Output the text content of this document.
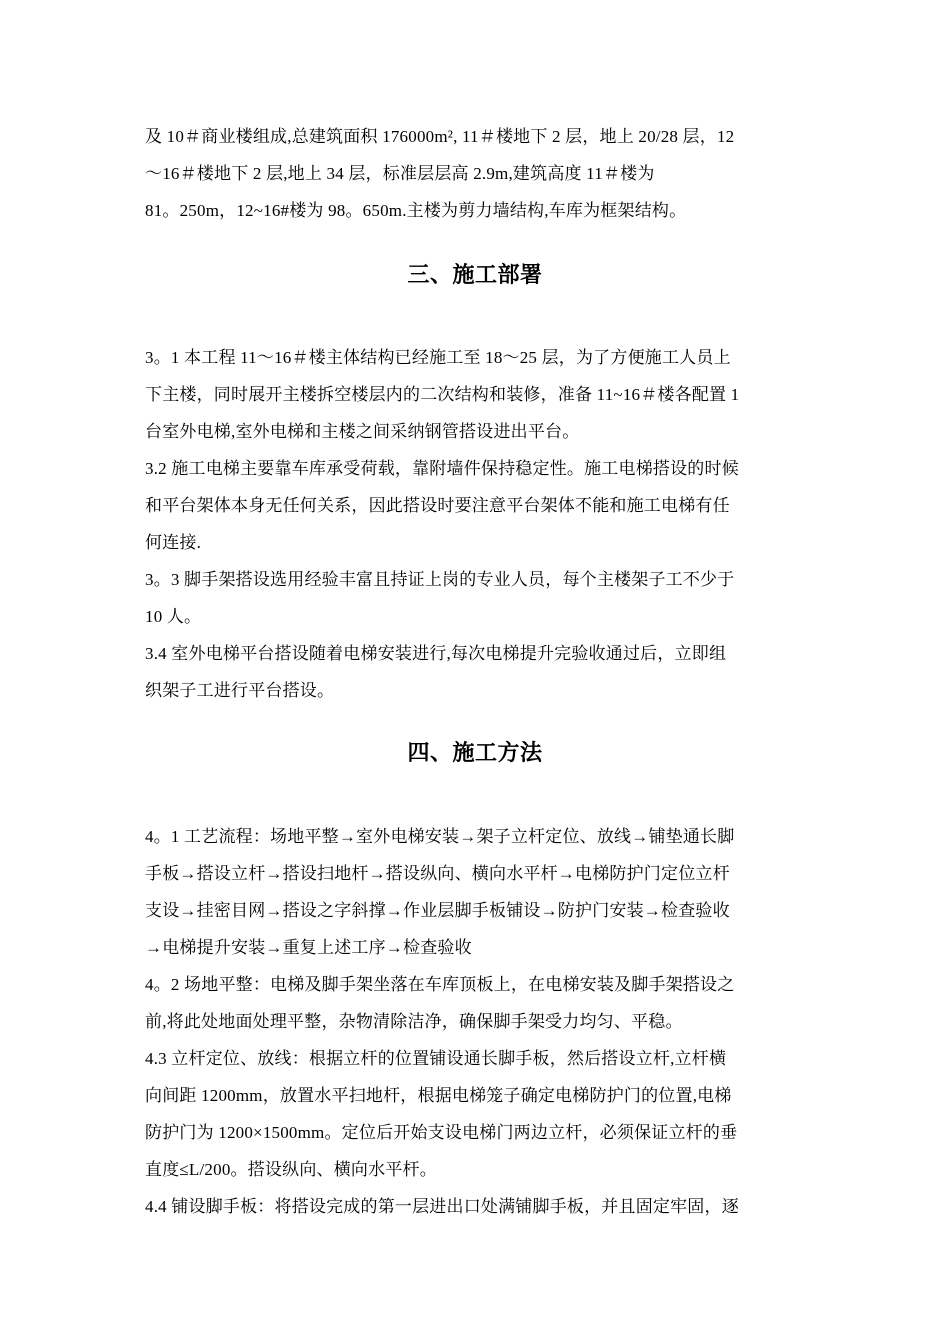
及 10＃商业楼组成,总建筑面积 176000m², 11＃楼地下 2 层，地上 20/28 层，12
～16＃楼地下 2 层,地上 34 层，标准层层高 2.9m,建筑高度 11＃楼为
81。250m，12~16#楼为 98。650m.主楼为剪力墙结构,车库为框架结构。

三、施工部署

3。1 本工程 11～16＃楼主体结构已经施工至 18～25 层，为了方便施工人员上
下主楼，同时展开主楼拆空楼层内的二次结构和装修，准备 11~16＃楼各配置 1
台室外电梯,室外电梯和主楼之间采纳钢管搭设进出平台。

3.2 施工电梯主要靠车库承受荷载，靠附墙件保持稳定性。施工电梯搭设的时候
和平台架体本身无任何关系，因此搭设时要注意平台架体不能和施工电梯有任
何连接.

3。3 脚手架搭设选用经验丰富且持证上岗的专业人员，每个主楼架子工不少于
10 人。

3.4 室外电梯平台搭设随着电梯安装进行,每次电梯提升完验收通过后，立即组
织架子工进行平台搭设。

四、施工方法

4。1 工艺流程：场地平整→室外电梯安装→架子立杆定位、放线→铺垫通长脚
手板→搭设立杆→搭设扫地杆→搭设纵向、横向水平杆→电梯防护门定位立杆
支设→挂密目网→搭设之字斜撑→作业层脚手板铺设→防护门安装→检查验收
→电梯提升安装→重复上述工序→检查验收

4。2 场地平整：电梯及脚手架坐落在车库顶板上，在电梯安装及脚手架搭设之
前,将此处地面处理平整，杂物清除洁净，确保脚手架受力均匀、平稳。

4.3 立杆定位、放线：根据立杆的位置铺设通长脚手板，然后搭设立杆,立杆横
向间距 1200mm，放置水平扫地杆，根据电梯笼子确定电梯防护门的位置,电梯
防护门为 1200×1500mm。定位后开始支设电梯门两边立杆，必须保证立杆的垂
直度≤L/200。搭设纵向、横向水平杆。

4.4 铺设脚手板：将搭设完成的第一层进出口处满铺脚手板，并且固定牢固，逐
